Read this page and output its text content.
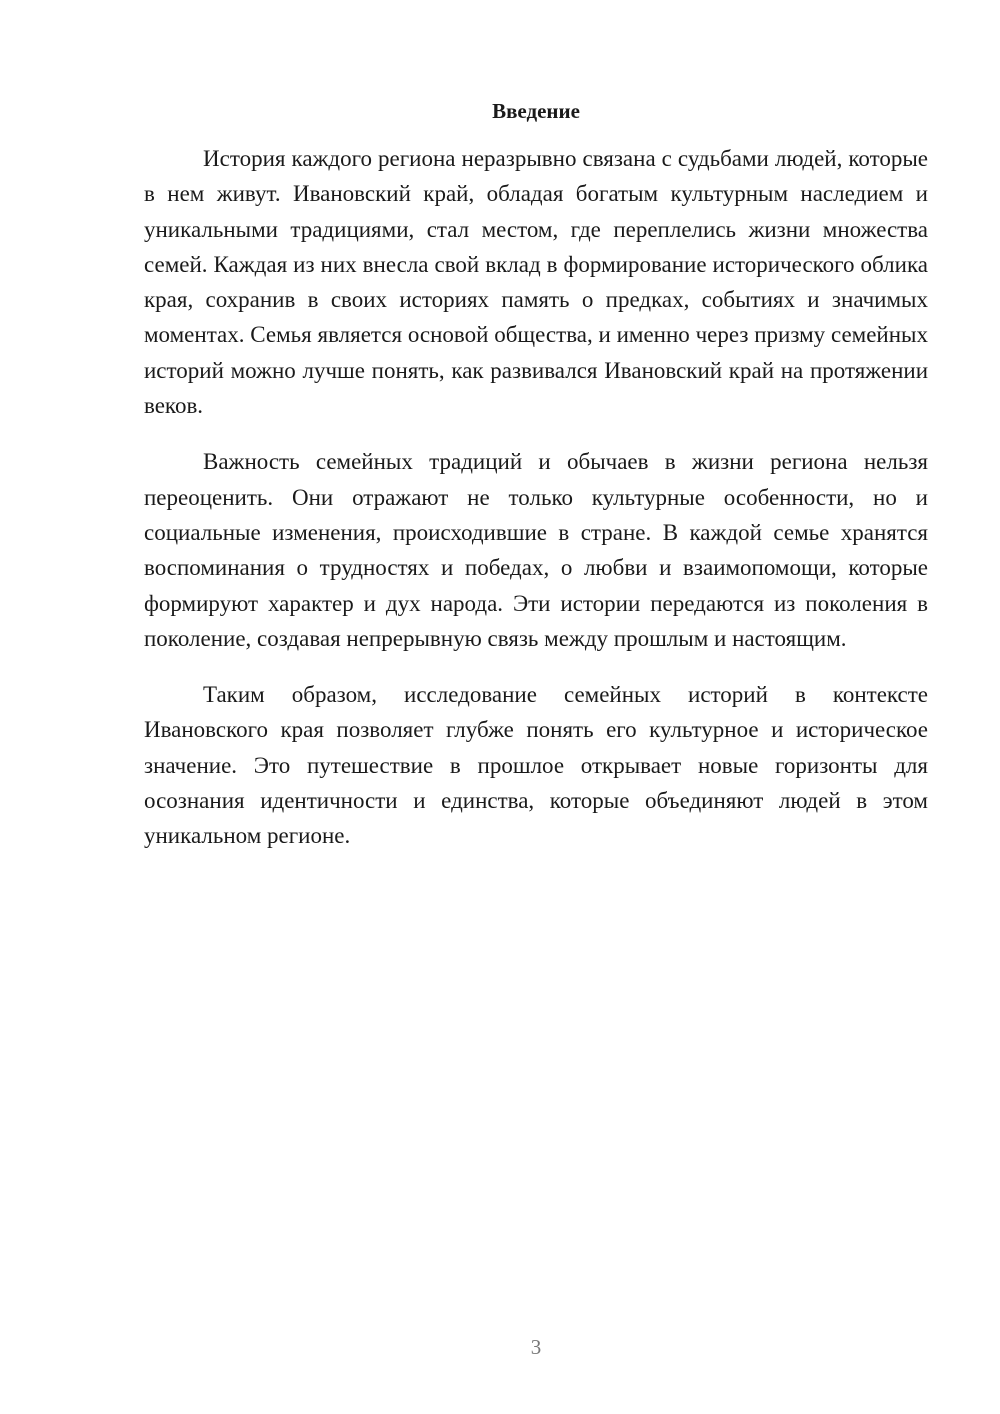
Введение

История каждого региона неразрывно связана с судьбами людей, которые в нем живут. Ивановский край, обладая богатым культурным наследием и уникальными традициями, стал местом, где переплелись жизни множества семей. Каждая из них внесла свой вклад в формирование исторического облика края, сохранив в своих историях память о предках, событиях и значимых моментах. Семья является основой общества, и именно через призму семейных историй можно лучше понять, как развивался Ивановский край на протяжении веков.

Важность семейных традиций и обычаев в жизни региона нельзя переоценить. Они отражают не только культурные особенности, но и социальные изменения, происходившие в стране. В каждой семье хранятся воспоминания о трудностях и победах, о любви и взаимопомощи, которые формируют характер и дух народа. Эти истории передаются из поколения в поколение, создавая непрерывную связь между прошлым и настоящим.

Таким образом, исследование семейных историй в контексте Ивановского края позволяет глубже понять его культурное и историческое значение. Это путешествие в прошлое открывает новые горизонты для осознания идентичности и единства, которые объединяют людей в этом уникальном регионе.

3
